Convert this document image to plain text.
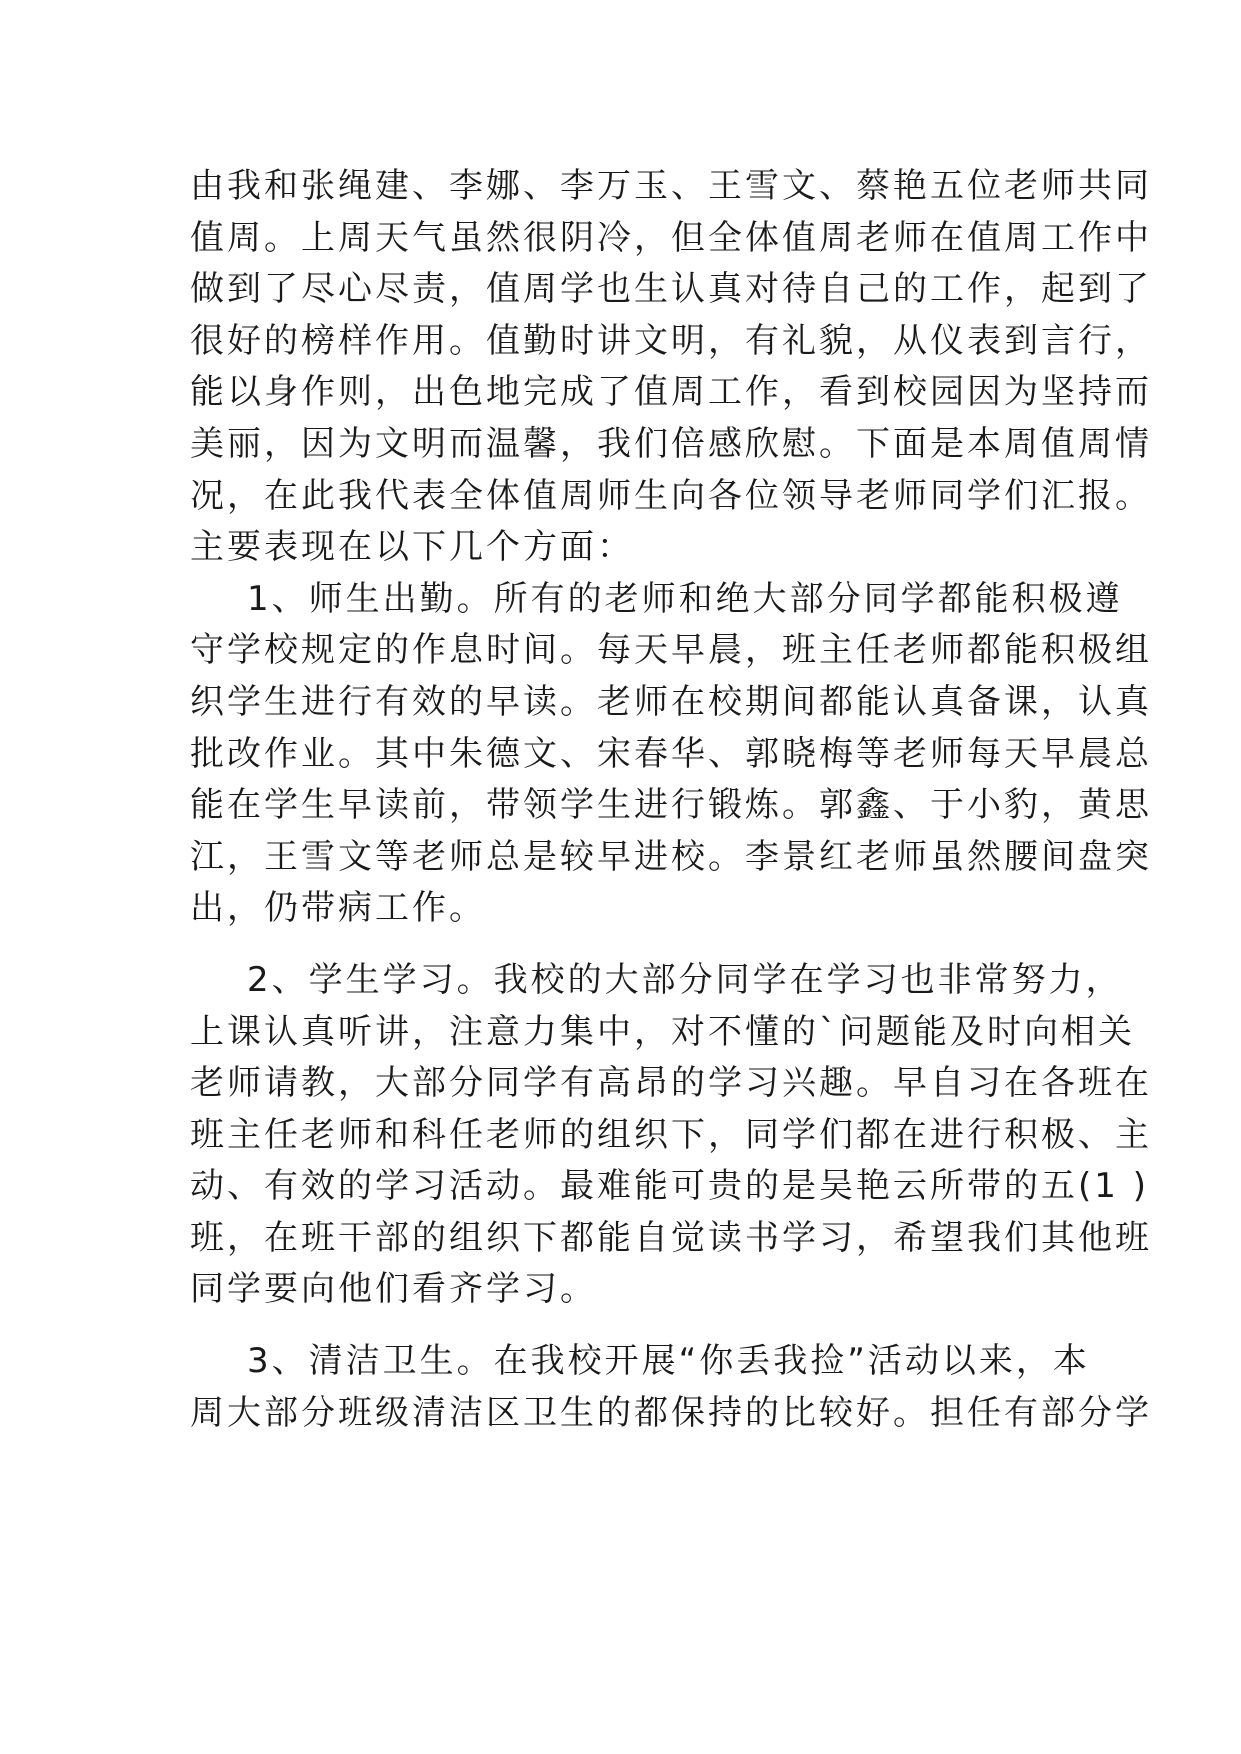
由我和张绳建、李娜、李万玉、王雪文、蔡艳五位老师共同
值周。上周天气虽然很阴冷，但全体值周老师在值周工作中
做到了尽心尽责，值周学也生认真对待自己的工作，起到了
很好的榜样作用。值勤时讲文明，有礼貌，从仪表到言行，
能以身作则，出色地完成了值周工作，看到校园因为坚持而
美丽，因为文明而温馨，我们倍感欣慰。下面是本周值周情
况，在此我代表全体值周师生向各位领导老师同学们汇报。
主要表现在以下几个方面：
1、师生出勤。所有的老师和绝大部分同学都能积极遵
守学校规定的作息时间。每天早晨，班主任老师都能积极组
织学生进行有效的早读。老师在校期间都能认真备课，认真
批改作业。其中朱德文、宋春华、郭晓梅等老师每天早晨总
能在学生早读前，带领学生进行锻炼。郭鑫、于小豹，黄思
江，王雪文等老师总是较早进校。李景红老师虽然腰间盘突
出，仍带病工作。
2、学生学习。我校的大部分同学在学习也非常努力，
上课认真听讲，注意力集中，对不懂的`问题能及时向相关
老师请教，大部分同学有高昂的学习兴趣。早自习在各班在
班主任老师和科任老师的组织下，同学们都在进行积极、主
动、有效的学习活动。最难能可贵的是吴艳云所带的五(1 )
班，在班干部的组织下都能自觉读书学习，希望我们其他班
同学要向他们看齐学习。
3、清洁卫生。在我校开展“你丢我捡”活动以来，本
周大部分班级清洁区卫生的都保持的比较好。担任有部分学
